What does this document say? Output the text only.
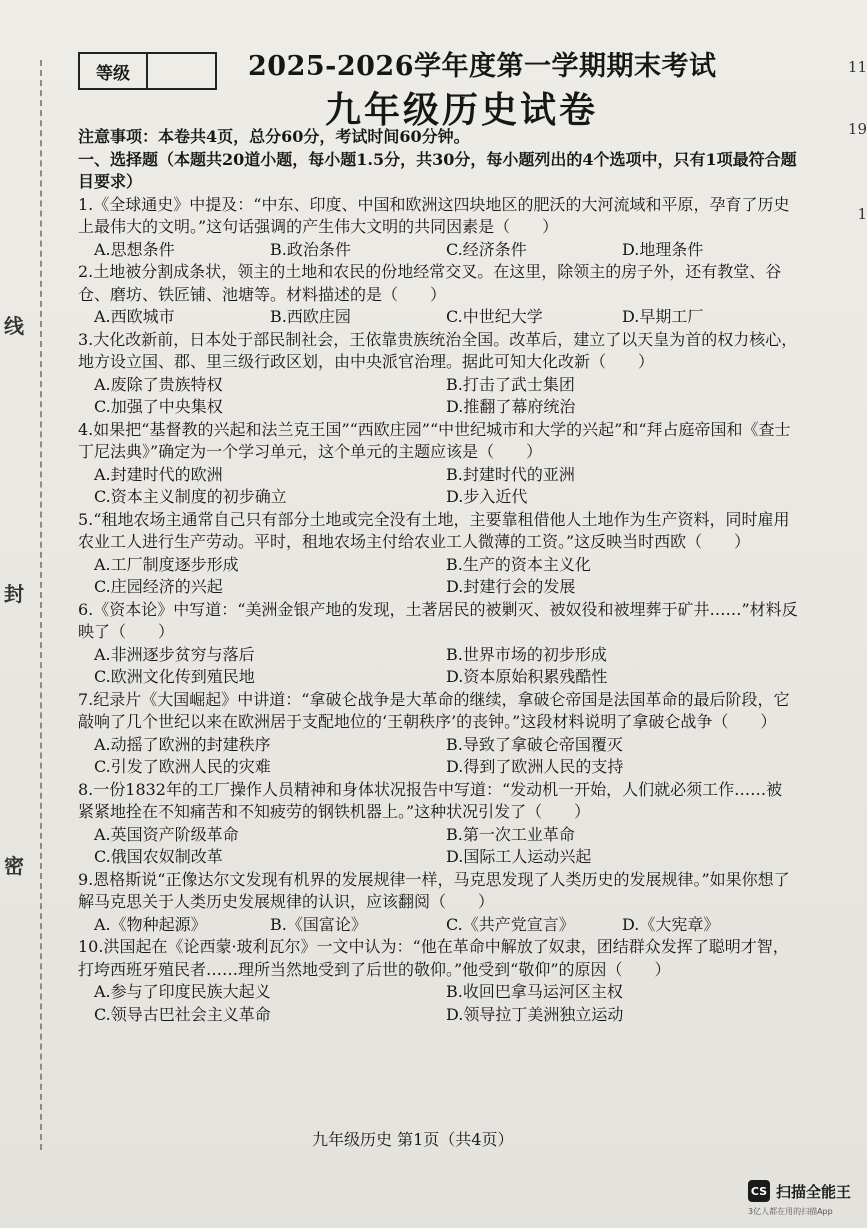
线
封
密
11
19
1
等级	2025-2026学年度第一学期期末考试
九年级历史试卷
注意事项：本卷共4页，总分60分，考试时间60分钟。
一、选择题（本题共20道小题，每小题1.5分，共30分，每小题列出的4个选项中，只有1项最符合题目要求）
1.《全球通史》中提及：“中东、印度、中国和欧洲这四块地区的肥沃的大河流域和平原，孕育了历史上最伟大的文明。”这句话强调的产生伟大文明的共同因素是（　　）
A.思想条件	B.政治条件	C.经济条件	D.地理条件
2.土地被分割成条状，领主的土地和农民的份地经常交叉。在这里，除领主的房子外，还有教堂、谷仓、磨坊、铁匠铺、池塘等。材料描述的是（　　）
A.西欧城市	B.西欧庄园	C.中世纪大学	D.早期工厂
3.大化改新前，日本处于部民制社会，王依靠贵族统治全国。改革后，建立了以天皇为首的权力核心，地方设立国、郡、里三级行政区划，由中央派官治理。据此可知大化改新（　　）
A.废除了贵族特权	B.打击了武士集团
C.加强了中央集权	D.推翻了幕府统治
4.如果把“基督教的兴起和法兰克王国”“西欧庄园”“中世纪城市和大学的兴起”和“拜占庭帝国和《查士丁尼法典》”确定为一个学习单元，这个单元的主题应该是（　　）
A.封建时代的欧洲	B.封建时代的亚洲
C.资本主义制度的初步确立	D.步入近代
5.“租地农场主通常自己只有部分土地或完全没有土地，主要靠租借他人土地作为生产资料，同时雇用农业工人进行生产劳动。平时，租地农场主付给农业工人微薄的工资。”这反映当时西欧（　　）
A.工厂制度逐步形成	B.生产的资本主义化
C.庄园经济的兴起	D.封建行会的发展
6.《资本论》中写道：“美洲金银产地的发现，土著居民的被剿灭、被奴役和被埋葬于矿井……”材料反映了（　　）
A.非洲逐步贫穷与落后	B.世界市场的初步形成
C.欧洲文化传到殖民地	D.资本原始积累残酷性
7.纪录片《大国崛起》中讲道：“拿破仑战争是大革命的继续，拿破仑帝国是法国革命的最后阶段，它敲响了几个世纪以来在欧洲居于支配地位的‘王朝秩序’的丧钟。”这段材料说明了拿破仑战争（　　）
A.动摇了欧洲的封建秩序	B.导致了拿破仑帝国覆灭
C.引发了欧洲人民的灾难	D.得到了欧洲人民的支持
8.一份1832年的工厂操作人员精神和身体状况报告中写道：“发动机一开始，人们就必须工作……被紧紧地拴在不知痛苦和不知疲劳的钢铁机器上。”这种状况引发了（　　）
A.英国资产阶级革命	B.第一次工业革命
C.俄国农奴制改革	D.国际工人运动兴起
9.恩格斯说“正像达尔文发现有机界的发展规律一样，马克思发现了人类历史的发展规律。”如果你想了解马克思关于人类历史发展规律的认识，应该翻阅（　　）
A.《物种起源》	B.《国富论》	C.《共产党宣言》	D.《大宪章》
10.洪国起在《论西蒙·玻利瓦尔》一文中认为：“他在革命中解放了奴隶，团结群众发挥了聪明才智，打垮西班牙殖民者……理所当然地受到了后世的敬仰。”他受到“敬仰”的原因（　　）
A.参与了印度民族大起义	B.收回巴拿马运河区主权
C.领导古巴社会主义革命	D.领导拉丁美洲独立运动
九年级历史 第1页（共4页）
CS 扫描全能王
3亿人都在用的扫描App
